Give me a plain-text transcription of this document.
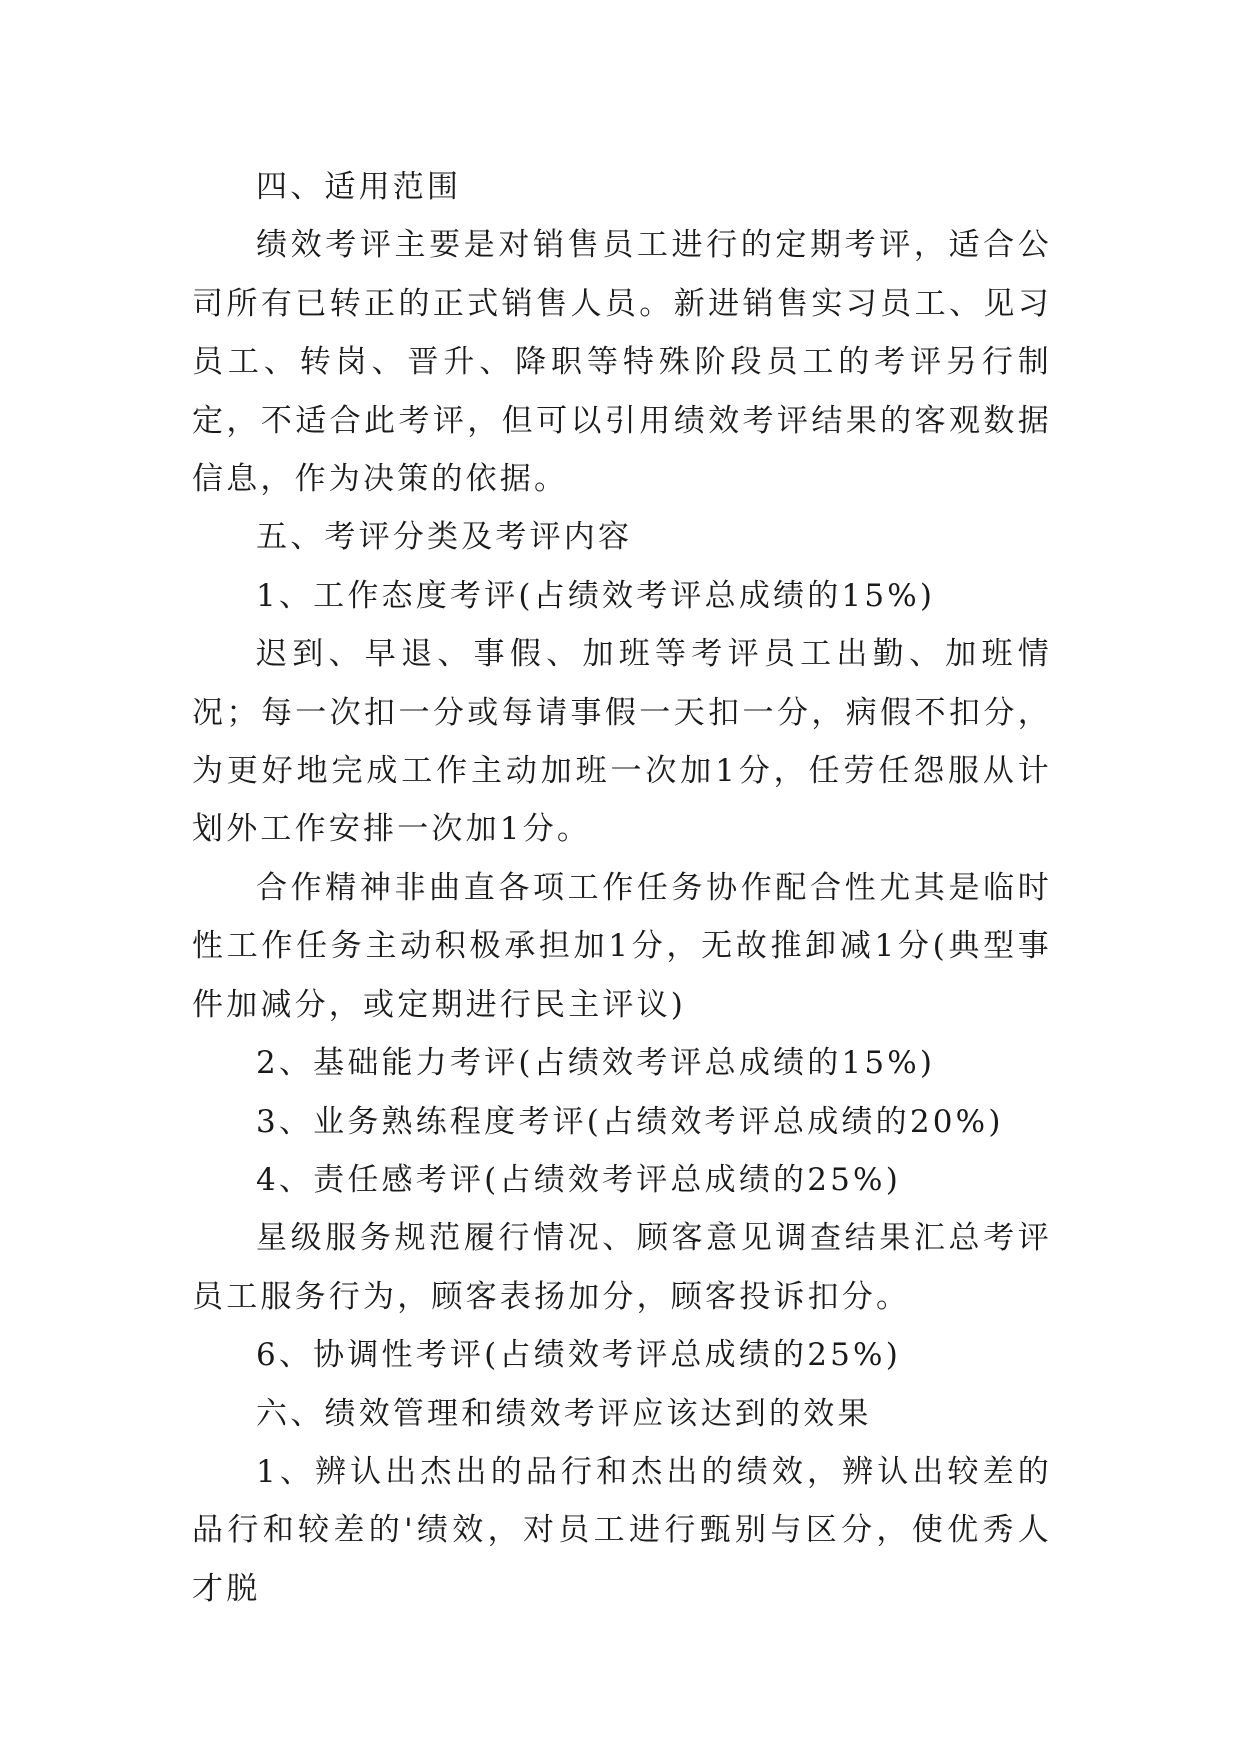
四、适用范围

绩效考评主要是对销售员工进行的定期考评，适合公司所有已转正的正式销售人员。新进销售实习员工、见习员工、转岗、晋升、降职等特殊阶段员工的考评另行制定，不适合此考评，但可以引用绩效考评结果的客观数据信息，作为决策的依据。

五、考评分类及考评内容

1、工作态度考评(占绩效考评总成绩的15%)

迟到、早退、事假、加班等考评员工出勤、加班情况；每一次扣一分或每请事假一天扣一分，病假不扣分，为更好地完成工作主动加班一次加1分，任劳任怨服从计划外工作安排一次加1分。

合作精神非曲直各项工作任务协作配合性尤其是临时性工作任务主动积极承担加1分，无故推卸减1分(典型事件加减分，或定期进行民主评议)

2、基础能力考评(占绩效考评总成绩的15%)

3、业务熟练程度考评(占绩效考评总成绩的20%)

4、责任感考评(占绩效考评总成绩的25%)

星级服务规范履行情况、顾客意见调查结果汇总考评员工服务行为，顾客表扬加分，顾客投诉扣分。

6、协调性考评(占绩效考评总成绩的25%)

六、绩效管理和绩效考评应该达到的效果

1、辨认出杰出的品行和杰出的绩效，辨认出较差的品行和较差的'绩效，对员工进行甄别与区分，使优秀人才脱
